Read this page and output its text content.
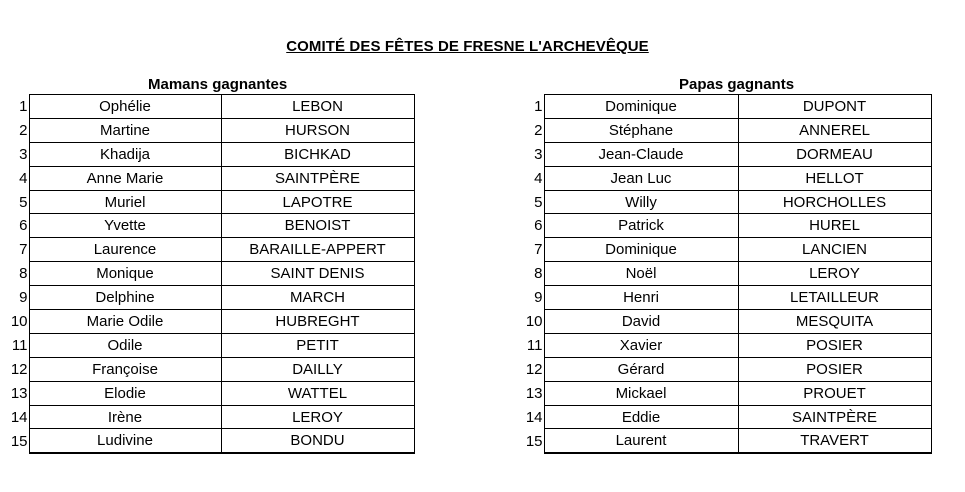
COMITÉ DES FÊTES DE FRESNE L'ARCHEVÊQUE
Mamans gagnantes
1	Ophélie	LEBON
2	Martine	HURSON
3	Khadija	BICHKAD
4	Anne Marie	SAINTPÈRE
5	Muriel	LAPOTRE
6	Yvette	BENOIST
7	Laurence	BARAILLE-APPERT
8	Monique	SAINT DENIS
9	Delphine	MARCH
10	Marie Odile	HUBREGHT
11	Odile	PETIT
12	Françoise	DAILLY
13	Elodie	WATTEL
14	Irène	LEROY
15	Ludivine	BONDU
Papas gagnants
1	Dominique	DUPONT
2	Stéphane	ANNEREL
3	Jean-Claude	DORMEAU
4	Jean Luc	HELLOT
5	Willy	HORCHOLLES
6	Patrick	HUREL
7	Dominique	LANCIEN
8	Noël	LEROY
9	Henri	LETAILLEUR
10	David	MESQUITA
11	Xavier	POSIER
12	Gérard	POSIER
13	Mickael	PROUET
14	Eddie	SAINTPÈRE
15	Laurent	TRAVERT
